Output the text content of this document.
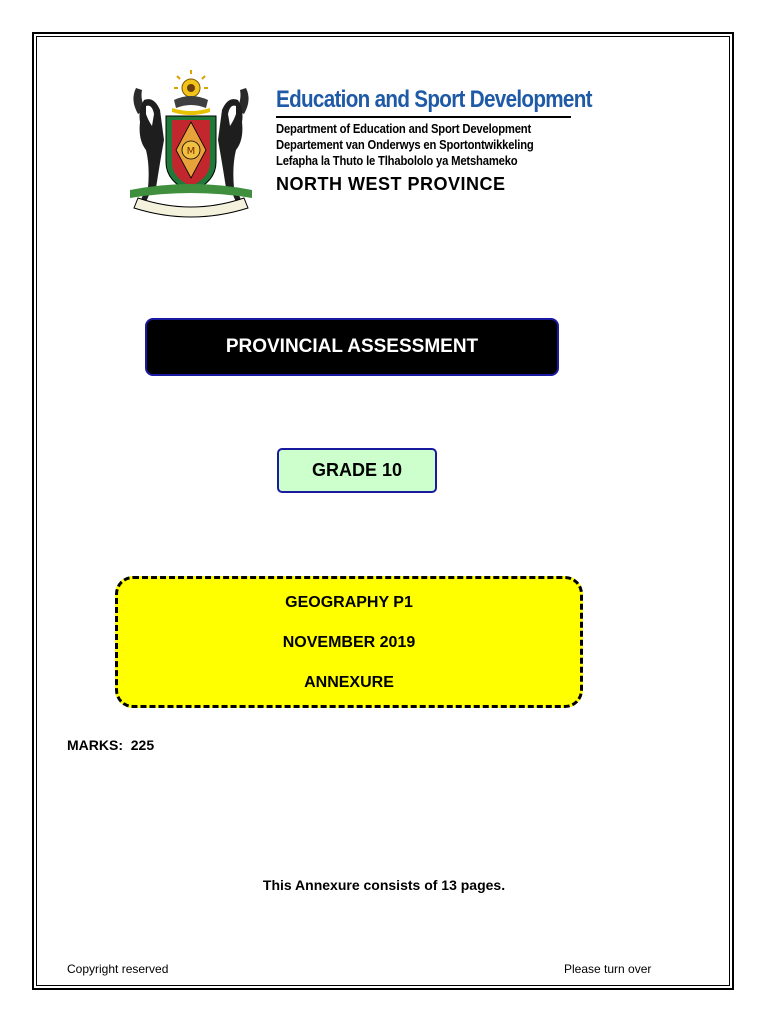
M
Education and Sport Development
Department of Education and Sport Development
Departement van Onderwys en Sportontwikkeling
Lefapha la Thuto le Tlhabololo ya Metshameko
NORTH WEST PROVINCE
PROVINCIAL ASSESSMENT
GRADE 10
GEOGRAPHY P1
NOVEMBER 2019
ANNEXURE
MARKS:  225
This Annexure consists of 13 pages.
Copyright reserved	Please turn over
